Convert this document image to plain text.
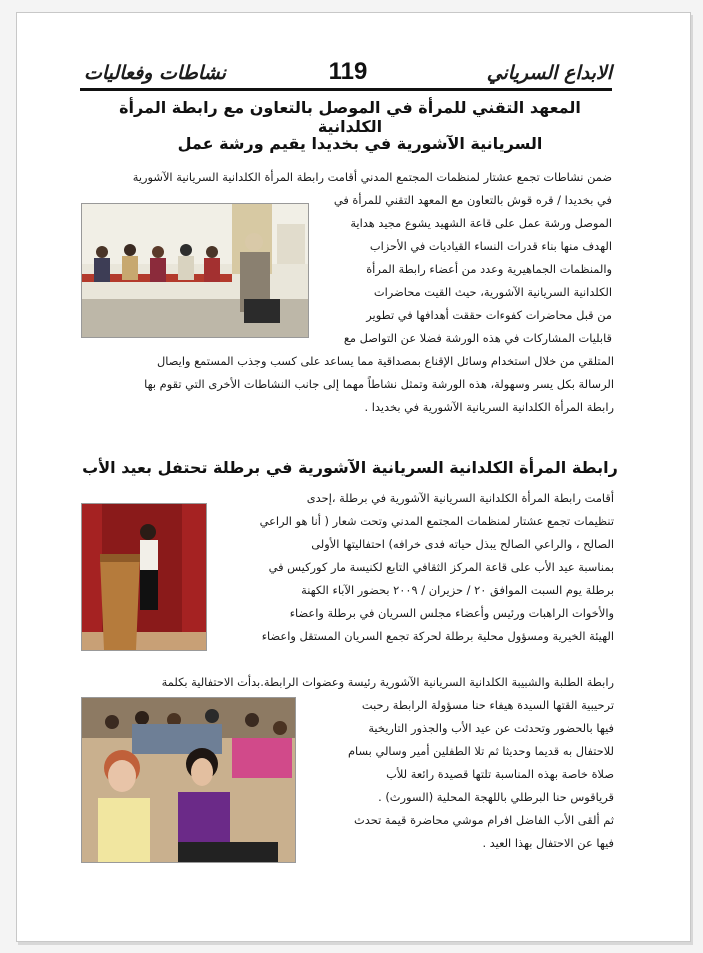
الابداع السرياني
119
نشاطات وفعاليات
المعهد التقني للمرأة في الموصل بالتعاون مع رابطة المرأة الكلدانية
السريانية الآشورية في بخديدا يقيم ورشة عمل

ضمن نشاطات تجمع عشتار لمنظمات المجتمع المدني أقامت رابطة المرأة الكلدانية السريانية الآشورية
في بخديدا / قره قوش بالتعاون مع المعهد التقني للمرأة في
الموصل ورشة عمل على قاعة الشهيد يشوع مجيد هداية
الهدف منها بناء قدرات النساء القياديات في الأحزاب
والمنظمات الجماهيرية وعدد من أعضاء رابطة المرأة
الكلدانية السريانية الآشورية، حيث القيت محاضرات
من قبل محاضرات كفوءات حققت أهدافها في تطوير
قابليات المشاركات في هذه الورشة فضلا عن التواصل مع

المتلقي من خلال استخدام وسائل الإقناع بمصداقية مما يساعد على كسب وجذب المستمع وايصال
الرسالة بكل يسر وسهولة، هذه الورشة وتمثل نشاطاً مهما إلى جانب النشاطات الأخرى التي تقوم بها
رابطة المرأة الكلدانية السريانية الآشورية في بخديدا .

رابطة المرأة الكلدانية السريانية الآشورية في برطلة تحتفل بعيد الأب

أقامت رابطة المرأة الكلدانية السريانية الآشورية في برطلة ،إحدى
تنظيمات تجمع عشتار لمنظمات المجتمع المدني وتحت شعار ( أنا هو الراعي
الصالح ، والراعي الصالح يبذل حياته فدى خرافه) احتفاليتها الأولى
بمناسبة عيد الأب على قاعة المركز الثقافي التابع لكنيسة مار كوركيس في
برطلة يوم السبت الموافق ٢٠ / حزيران / ٢٠٠٩ بحضور الآباء الكهنة
والأخوات الراهبات ورئيس وأعضاء مجلس السريان في برطلة واعضاء
الهيئة الخيرية ومسؤول محلية برطلة لحركة تجمع السريان المستقل واعضاء

رابطة الطلبة والشبيبة الكلدانية السريانية الآشورية رئيسة وعضوات الرابطة.بدأت الاحتفالية بكلمة

ترحيبية القتها السيدة هيفاء حنا مسؤولة الرابطة رحبت
فيها بالحضور وتحدثت عن عيد الأب والجذور التاريخية
للاحتفال به قديما وحديثا ثم تلا الطفلين أمير وسالي بسام
صلاة خاصة بهذه المناسبة تلتها قصيدة رائعة للأب
قرياقوس حنا البرطلي باللهجة المحلية (السورث) .
ثم ألقى الأب الفاضل افرام موشي محاضرة قيمة تحدث
فيها عن الاحتفال بهذا العيد .
